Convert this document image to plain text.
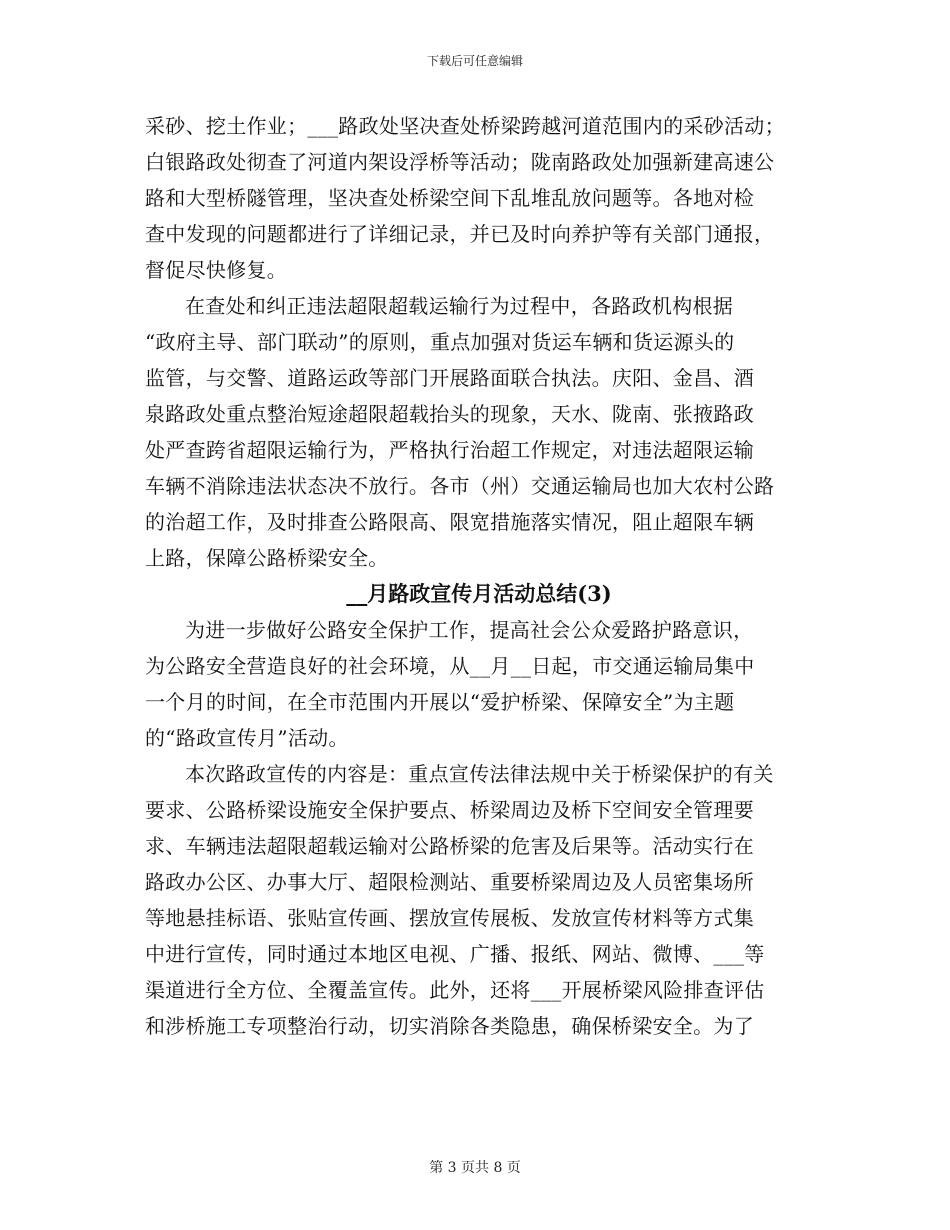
下载后可任意编辑
采砂、挖土作业；___路政处坚决查处桥梁跨越河道范围内的采砂活动；
白银路政处彻查了河道内架设浮桥等活动；陇南路政处加强新建高速公
路和大型桥隧管理，坚决查处桥梁空间下乱堆乱放问题等。各地对检
查中发现的问题都进行了详细记录，并已及时向养护等有关部门通报，
督促尽快修复。
在查处和纠正违法超限超载运输行为过程中，各路政机构根据
“政府主导、部门联动”的原则，重点加强对货运车辆和货运源头的
监管，与交警、道路运政等部门开展路面联合执法。庆阳、金昌、酒
泉路政处重点整治短途超限超载抬头的现象，天水、陇南、张掖路政
处严查跨省超限运输行为，严格执行治超工作规定，对违法超限运输
车辆不消除违法状态决不放行。各市（州）交通运输局也加大农村公路
的治超工作，及时排查公路限高、限宽措施落实情况，阻止超限车辆
上路，保障公路桥梁安全。
__月路政宣传月活动总结(3)
为进一步做好公路安全保护工作，提高社会公众爱路护路意识，
为公路安全营造良好的社会环境，从__月__日起，市交通运输局集中
一个月的时间，在全市范围内开展以“爱护桥梁、保障安全”为主题
的“路政宣传月”活动。
本次路政宣传的内容是：重点宣传法律法规中关于桥梁保护的有关
要求、公路桥梁设施安全保护要点、桥梁周边及桥下空间安全管理要
求、车辆违法超限超载运输对公路桥梁的危害及后果等。活动实行在
路政办公区、办事大厅、超限检测站、重要桥梁周边及人员密集场所
等地悬挂标语、张贴宣传画、摆放宣传展板、发放宣传材料等方式集
中进行宣传，同时通过本地区电视、广播、报纸、网站、微博、___等
渠道进行全方位、全覆盖宣传。此外，还将___开展桥梁风险排查评估
和涉桥施工专项整治行动，切实消除各类隐患，确保桥梁安全。为了
第 3 页共 8 页
